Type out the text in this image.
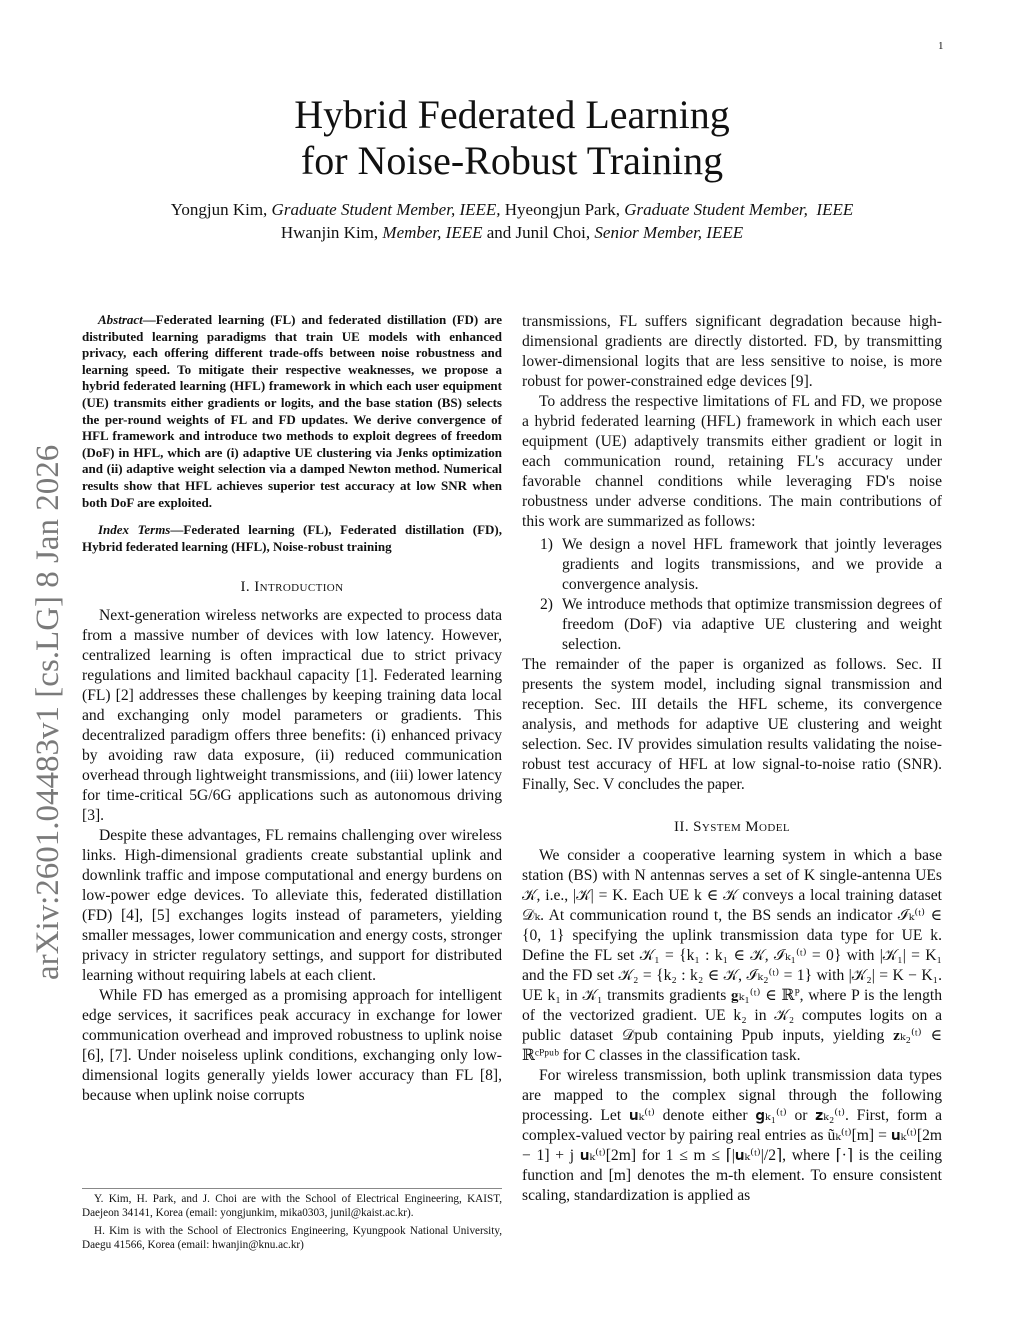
1
arXiv:2601.04483v1 [cs.LG] 8 Jan 2026
Hybrid Federated Learning
for Noise-Robust Training
Yongjun Kim, Graduate Student Member, IEEE, Hyeongjun Park, Graduate Student Member,  IEEE
Hwanjin Kim, Member, IEEE and Junil Choi, Senior Member, IEEE

Abstract—Federated learning (FL) and federated distillation (FD) are distributed learning paradigms that train UE models with enhanced privacy, each offering different trade-offs between noise robustness and learning speed. To mitigate their respective weaknesses, we propose a hybrid federated learning (HFL) framework in which each user equipment (UE) transmits either gradients or logits, and the base station (BS) selects the per-round weights of FL and FD updates. We derive convergence of HFL framework and introduce two methods to exploit degrees of freedom (DoF) in HFL, which are (i) adaptive UE clustering via Jenks optimization and (ii) adaptive weight selection via a damped Newton method. Numerical results show that HFL achieves superior test accuracy at low SNR when both DoF are exploited.

Index Terms—Federated learning (FL), Federated distillation (FD), Hybrid federated learning (HFL), Noise-robust training

I. Introduction

Next-generation wireless networks are expected to process data from a massive number of devices with low latency. However, centralized learning is often impractical due to strict privacy regulations and limited backhaul capacity [1]. Federated learning (FL) [2] addresses these challenges by keeping training data local and exchanging only model parameters or gradients. This decentralized paradigm offers three benefits: (i) enhanced privacy by avoiding raw data exposure, (ii) reduced communication overhead through lightweight transmissions, and (iii) lower latency for time-critical 5G/6G applications such as autonomous driving [3].

Despite these advantages, FL remains challenging over wireless links. High-dimensional gradients create substantial uplink and downlink traffic and impose computational and energy burdens on low-power edge devices. To alleviate this, federated distillation (FD) [4], [5] exchanges logits instead of parameters, yielding smaller messages, lower communication and energy costs, stronger privacy in stricter regulatory settings, and support for distributed learning without requiring labels at each client.

While FD has emerged as a promising approach for intelligent edge services, it sacrifices peak accuracy in exchange for lower communication overhead and improved robustness to uplink noise [6], [7]. Under noiseless uplink conditions, exchanging only low-dimensional logits generally yields lower accuracy than FL [8], because when uplink noise corrupts

Y. Kim, H. Park, and J. Choi are with the School of Electrical Engineering, KAIST, Daejeon 34141, Korea (email: yongjunkim, mika0303, junil@kaist.ac.kr).

H. Kim is with the School of Electronics Engineering, Kyungpook National University, Daegu 41566, Korea (email: hwanjin@knu.ac.kr)

transmissions, FL suffers significant degradation because high-dimensional gradients are directly distorted. FD, by transmitting lower-dimensional logits that are less sensitive to noise, is more robust for power-constrained edge devices [9].

To address the respective limitations of FL and FD, we propose a hybrid federated learning (HFL) framework in which each user equipment (UE) adaptively transmits either gradient or logit in each communication round, retaining FL's accuracy under favorable channel conditions while leveraging FD's noise robustness under adverse conditions. The main contributions of this work are summarized as follows:

1) We design a novel HFL framework that jointly leverages gradients and logits transmissions, and we provide a convergence analysis.
2) We introduce methods that optimize transmission degrees of freedom (DoF) via adaptive UE clustering and weight selection.

The remainder of the paper is organized as follows. Sec. II presents the system model, including signal transmission and reception. Sec. III details the HFL scheme, its convergence analysis, and methods for adaptive UE clustering and weight selection. Sec. IV provides simulation results validating the noise-robust test accuracy of HFL at low signal-to-noise ratio (SNR). Finally, Sec. V concludes the paper.

II. System Model

We consider a cooperative learning system in which a base station (BS) with N antennas serves a set of K single-antenna UEs 𝒦, i.e., |𝒦| = K. Each UE k ∈ 𝒦 conveys a local training dataset 𝒟ₖ. At communication round t, the BS sends an indicator ℐₖ⁽ᵗ⁾ ∈ {0, 1} specifying the uplink transmission data type for UE k. Define the FL set 𝒦₁ = {k₁ : k₁ ∈ 𝒦, ℐₖ₁⁽ᵗ⁾ = 0} with |𝒦₁| = K₁ and the FD set 𝒦₂ = {k₂ : k₂ ∈ 𝒦, ℐₖ₂⁽ᵗ⁾ = 1} with |𝒦₂| = K − K₁. UE k₁ in 𝒦₁ transmits gradients 𝐠ₖ₁⁽ᵗ⁾ ∈ ℝᴾ, where P is the length of the vectorized gradient. UE k₂ in 𝒦₂ computes logits on a public dataset 𝒟pub containing Ppub inputs, yielding 𝐳ₖ₂⁽ᵗ⁾ ∈ ℝᶜᴾᵖᵘᵇ for C classes in the classification task.

For wireless transmission, both uplink transmission data types are mapped to the complex signal through the following processing. Let 𝐮ₖ⁽ᵗ⁾ denote either 𝐠ₖ₁⁽ᵗ⁾ or 𝐳ₖ₂⁽ᵗ⁾. First, form a complex-valued vector by pairing real entries as ũₖ⁽ᵗ⁾[m] = 𝐮ₖ⁽ᵗ⁾[2m − 1] + j 𝐮ₖ⁽ᵗ⁾[2m] for 1 ≤ m ≤ ⌈|𝐮ₖ⁽ᵗ⁾|/2⌉, where ⌈·⌉ is the ceiling function and [m] denotes the m-th element. To ensure consistent scaling, standardization is applied as
